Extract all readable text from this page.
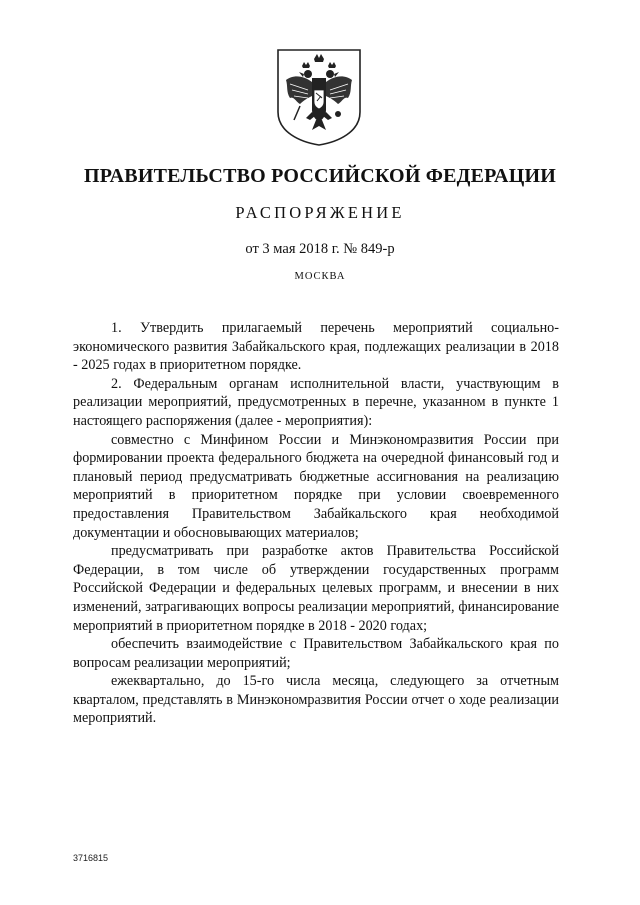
ПРАВИТЕЛЬСТВО РОССИЙСКОЙ ФЕДЕРАЦИИ
РАСПОРЯЖЕНИЕ
от 3 мая 2018 г. № 849-р
МОСКВА

1. Утвердить прилагаемый перечень мероприятий социально-экономического развития Забайкальского края, подлежащих реализации в 2018 - 2025 годах в приоритетном порядке.

2. Федеральным органам исполнительной власти, участвующим в реализации мероприятий, предусмотренных в перечне, указанном в пункте 1 настоящего распоряжения (далее - мероприятия):

совместно с Минфином России и Минэкономразвития России при формировании проекта федерального бюджета на очередной финансовый год и плановый период предусматривать бюджетные ассигнования на реализацию мероприятий в приоритетном порядке при условии своевременного предоставления Правительством Забайкальского края необходимой документации и обосновывающих материалов;

предусматривать при разработке актов Правительства Российской Федерации, в том числе об утверждении государственных программ Российской Федерации и федеральных целевых программ, и внесении в них изменений, затрагивающих вопросы реализации мероприятий, финансирование мероприятий в приоритетном порядке в 2018 - 2020 годах;

обеспечить взаимодействие с Правительством Забайкальского края по вопросам реализации мероприятий;

ежеквартально, до 15-го числа месяца, следующего за отчетным кварталом, представлять в Минэкономразвития России отчет о ходе реализации мероприятий.

3716815
